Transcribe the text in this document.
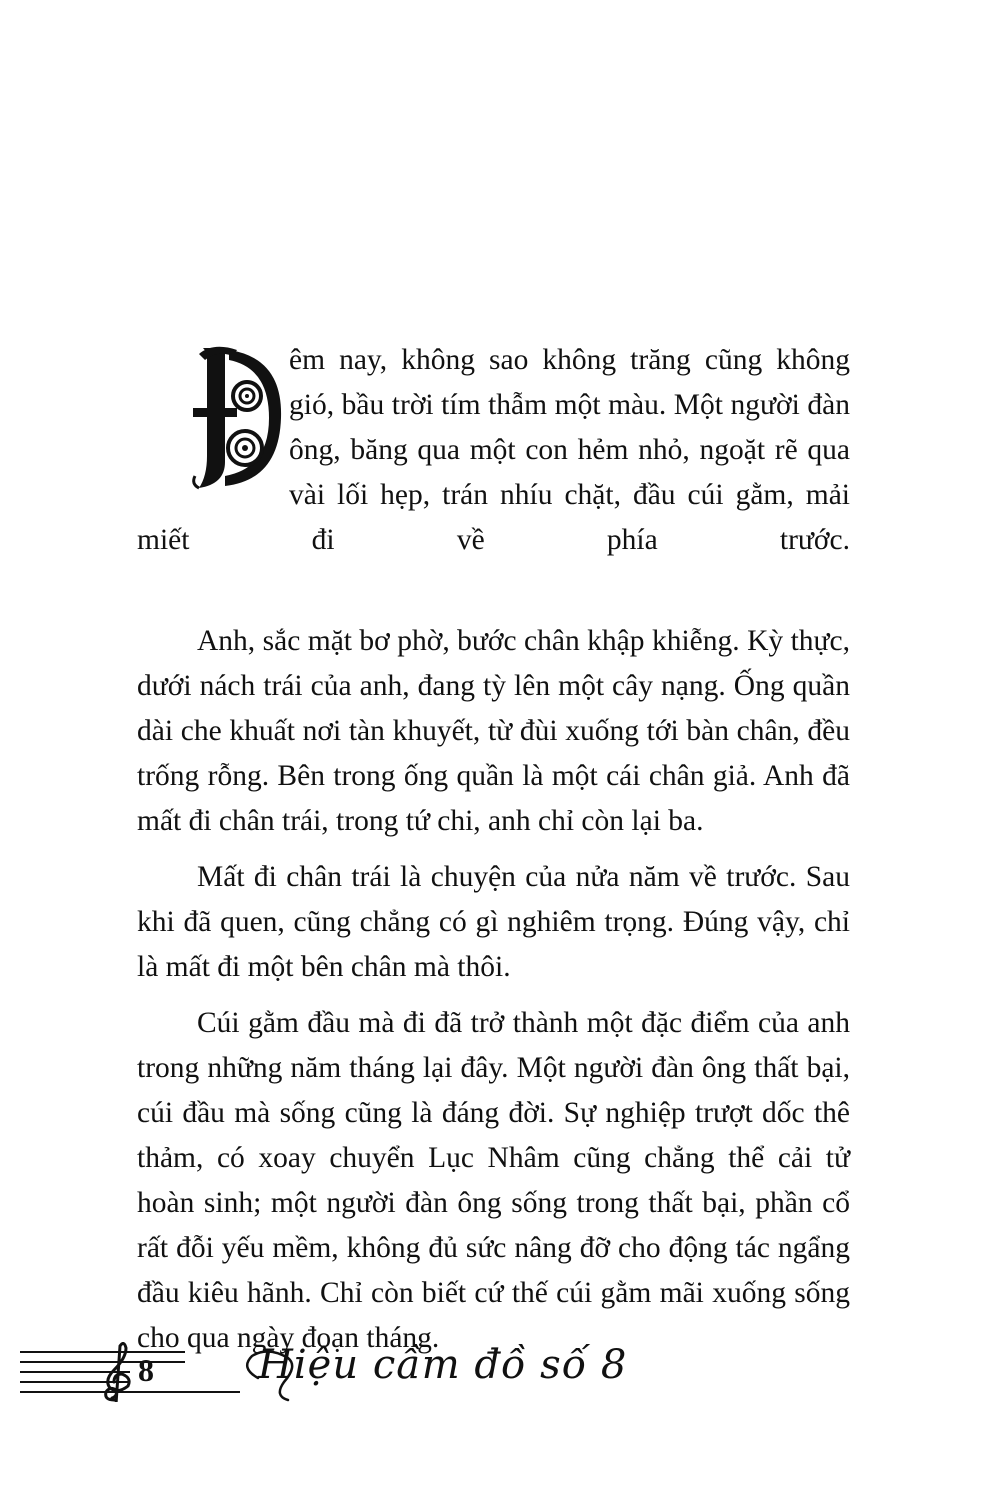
êm nay, không sao không trăng cũng không gió, bầu trời tím thẫm một màu. Một người đàn ông, băng qua một con hẻm nhỏ, ngoặt rẽ qua vài lối hẹp, trán nhíu chặt, đầu cúi gằm, mải miết đi về phía trước.

Anh, sắc mặt bơ phờ, bước chân khập khiễng. Kỳ thực, dưới nách trái của anh, đang tỳ lên một cây nạng. Ống quần dài che khuất nơi tàn khuyết, từ đùi xuống tới bàn chân, đều trống rỗng. Bên trong ống quần là một cái chân giả. Anh đã mất đi chân trái, trong tứ chi, anh chỉ còn lại ba.

Mất đi chân trái là chuyện của nửa năm về trước. Sau khi đã quen, cũng chẳng có gì nghiêm trọng. Đúng vậy, chỉ là mất đi một bên chân mà thôi.

Cúi gằm đầu mà đi đã trở thành một đặc điểm của anh trong những năm tháng lại đây. Một người đàn ông thất bại, cúi đầu mà sống cũng là đáng đời. Sự nghiệp trượt dốc thê thảm, có xoay chuyển Lục Nhâm cũng chẳng thể cải tử hoàn sinh; một người đàn ông sống trong thất bại, phần cổ rất đỗi yếu mềm, không đủ sức nâng đỡ cho động tác ngẩng đầu kiêu hãnh. Chỉ còn biết cứ thế cúi gằm mãi xuống sống cho qua ngày đoạn tháng.

8	Hiệu cầm đồ số 8
